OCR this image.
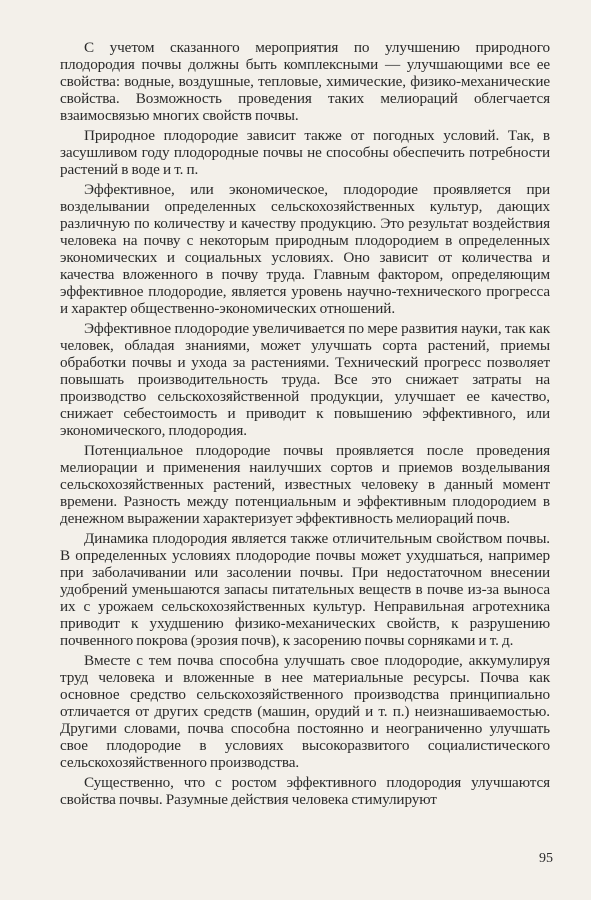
С учетом сказанного мероприятия по улучшению природного плодородия почвы должны быть комплексными — улучшающими все ее свойства: водные, воздушные, тепловые, химические, физико-механические свойства. Возможность проведения таких мелиораций облегчается взаимосвязью многих свойств почвы.

Природное плодородие зависит также от погодных условий. Так, в засушливом году плодородные почвы не способны обеспечить потребности растений в воде и т. п.

Эффективное, или экономическое, плодородие проявляется при возделывании определенных сельскохозяйственных культур, дающих различную по количеству и качеству продукцию. Это результат воздействия человека на почву с некоторым природным плодородием в определенных экономических и социальных условиях. Оно зависит от количества и качества вложенного в почву труда. Главным фактором, определяющим эффективное плодородие, является уровень научно-технического прогресса и характер общественно-экономических отношений.

Эффективное плодородие увеличивается по мере развития науки, так как человек, обладая знаниями, может улучшать сорта растений, приемы обработки почвы и ухода за растениями. Технический прогресс позволяет повышать производительность труда. Все это снижает затраты на производство сельскохозяйственной продукции, улучшает ее качество, снижает себестоимость и приводит к повышению эффективного, или экономического, плодородия.

Потенциальное плодородие почвы проявляется после проведения мелиорации и применения наилучших сортов и приемов возделывания сельскохозяйственных растений, известных человеку в данный момент времени. Разность между потенциальным и эффективным плодородием в денежном выражении характеризует эффективность мелиораций почв.

Динамика плодородия является также отличительным свойством почвы. В определенных условиях плодородие почвы может ухудшаться, например при заболачивании или засолении почвы. При недостаточном внесении удобрений уменьшаются запасы питательных веществ в почве из-за выноса их с урожаем сельскохозяйственных культур. Неправильная агротехника приводит к ухудшению физико-механических свойств, к разрушению почвенного покрова (эрозия почв), к засорению почвы сорняками и т. д.

Вместе с тем почва способна улучшать свое плодородие, аккумулируя труд человека и вложенные в нее материальные ресурсы. Почва как основное средство сельскохозяйственного производства принципиально отличается от других средств (машин, орудий и т. п.) неизнашиваемостью. Другими словами, почва способна постоянно и неограниченно улучшать свое плодородие в условиях высокоразвитого социалистического сельскохозяйственного производства.

Существенно, что с ростом эффективного плодородия улучшаются свойства почвы. Разумные действия человека стимулируют

95
